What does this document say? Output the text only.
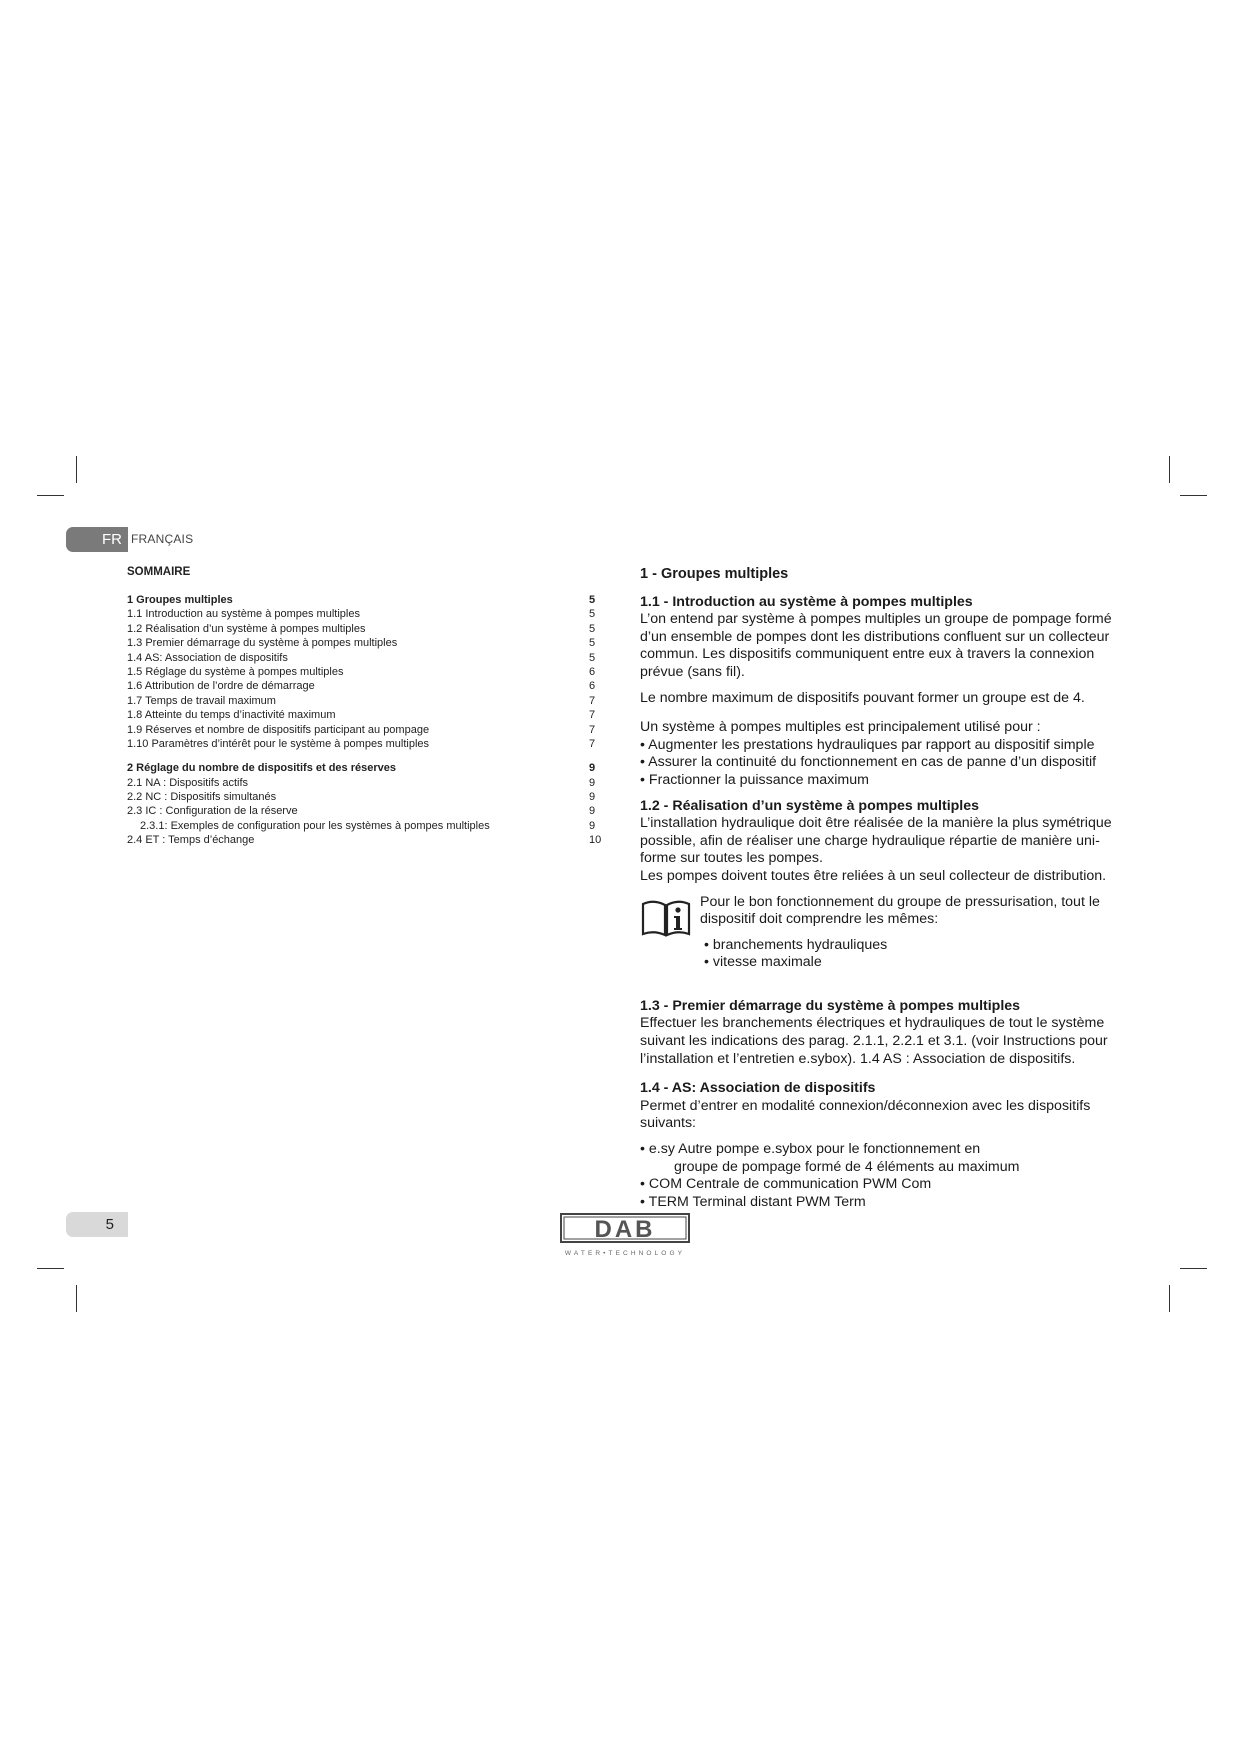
FR FRANÇAIS
SOMMAIRE
1 Groupes multiples	5
1.1 Introduction au système à pompes multiples	5
1.2 Réalisation d’un système à pompes multiples	5
1.3 Premier démarrage du système à pompes multiples	5
1.4 AS: Association de dispositifs	5
1.5 Réglage du système à pompes multiples	6
1.6 Attribution de l’ordre de démarrage	6
1.7 Temps de travail maximum	7
1.8 Atteinte du temps d’inactivité maximum	7
1.9 Réserves et nombre de dispositifs participant au pompage	7
1.10 Paramètres d’intérêt pour le système à pompes multiples	7
2 Réglage du nombre de dispositifs et des réserves	9
2.1 NA : Dispositifs actifs	9
2.2 NC : Dispositifs simultanés	9
2.3 IC : Configuration de la réserve	9
2.3.1: Exemples de configuration pour les systèmes à pompes multiples	9
2.4 ET : Temps d’échange	10
1 - Groupes multiples
1.1 - Introduction au système à pompes multiples

L’on entend par système à pompes multiples un groupe de pompage formé d’un ensemble de pompes dont les distributions confluent sur un collecteur commun. Les dispositifs communiquent entre eux à travers la connexion prévue (sans fil).

Le nombre maximum de dispositifs pouvant former un groupe est de 4.

Un système à pompes multiples est principalement utilisé pour :

• Augmenter les prestations hydrauliques par rapport au dispositif simple
• Assurer la continuité du fonctionnement en cas de panne d’un dispositif
• Fractionner la puissance maximum
1.2 - Réalisation d’un système à pompes multiples

L’installation hydraulique doit être réalisée de la manière la plus symétrique possible, afin de réaliser une charge hydraulique répartie de manière uni-forme sur toutes les pompes.

Les pompes doivent toutes être reliées à un seul collecteur de distribution.

Pour le bon fonctionnement du groupe de pressurisation, tout le dispositif doit comprendre les mêmes:

• branchements hydrauliques
• vitesse maximale
1.3 - Premier démarrage du système à pompes multiples

Effectuer les branchements électriques et hydrauliques de tout le système suivant les indications des parag. 2.1.1, 2.2.1 et 3.1. (voir Instructions pour l’installation et l’entretien e.sybox). 1.4 AS : Association de dispositifs.

1.4 - AS: Association de dispositifs

Permet d’entrer en modalité connexion/déconnexion avec les dispositifs suivants:

• e.sy Autre pompe e.sybox pour le fonctionnement en
groupe de pompage formé de 4 éléments au maximum
• COM Centrale de communication PWM Com
• TERM Terminal distant PWM Term
5	DAB
WATER•TECHNOLOGY
